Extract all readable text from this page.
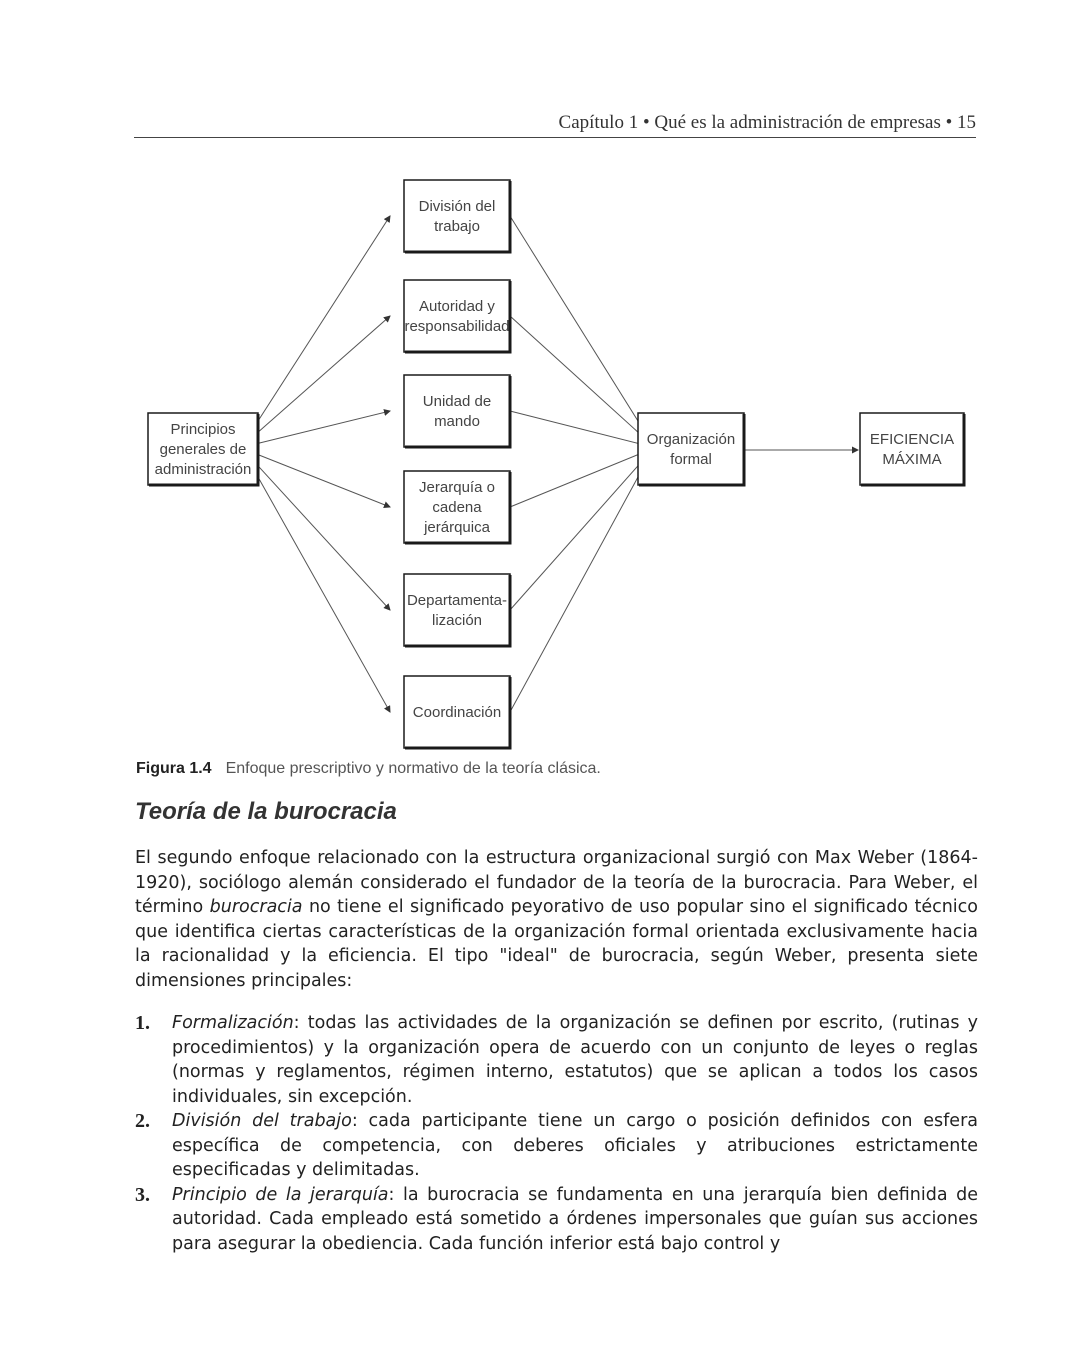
Capítulo 1 • Qué es la administración de empresas • 15
Principios
generales de
administración
División del
trabajo
Autoridad y
responsabilidad
Unidad de
mando
Jerarquía o
cadena
jerárquica
Departamenta-
lización
Coordinación
Organización
formal
EFICIENCIA
MÁXIMA
Figura 1.4 Enfoque prescriptivo y normativo de la teoría clásica.
Teoría de la burocracia

El segundo enfoque relacionado con la estructura organizacional surgió con Max Weber (1864-1920), sociólogo alemán considerado el fundador de la teoría de la burocracia. Para Weber, el término burocracia no tiene el significado peyorativo de uso popular sino el significado técnico que identifica ciertas características de la organización formal orientada exclusivamente hacia la racionalidad y la eficiencia. El tipo "ideal" de burocracia, según Weber, presenta siete dimensiones principales:

1. Formalización: todas las actividades de la organización se definen por escrito, (rutinas y procedimientos) y la organización opera de acuerdo con un conjunto de leyes o reglas (normas y reglamentos, régimen interno, estatutos) que se aplican a todos los casos individuales, sin excepción.
2. División del trabajo: cada participante tiene un cargo o posición definidos con esfera específica de competencia, con deberes oficiales y atribuciones estrictamente especificadas y delimitadas.
3. Principio de la jerarquía: la burocracia se fundamenta en una jerarquía bien definida de autoridad. Cada empleado está sometido a órdenes impersonales que guían sus acciones para asegurar la obediencia. Cada función inferior está bajo control y
